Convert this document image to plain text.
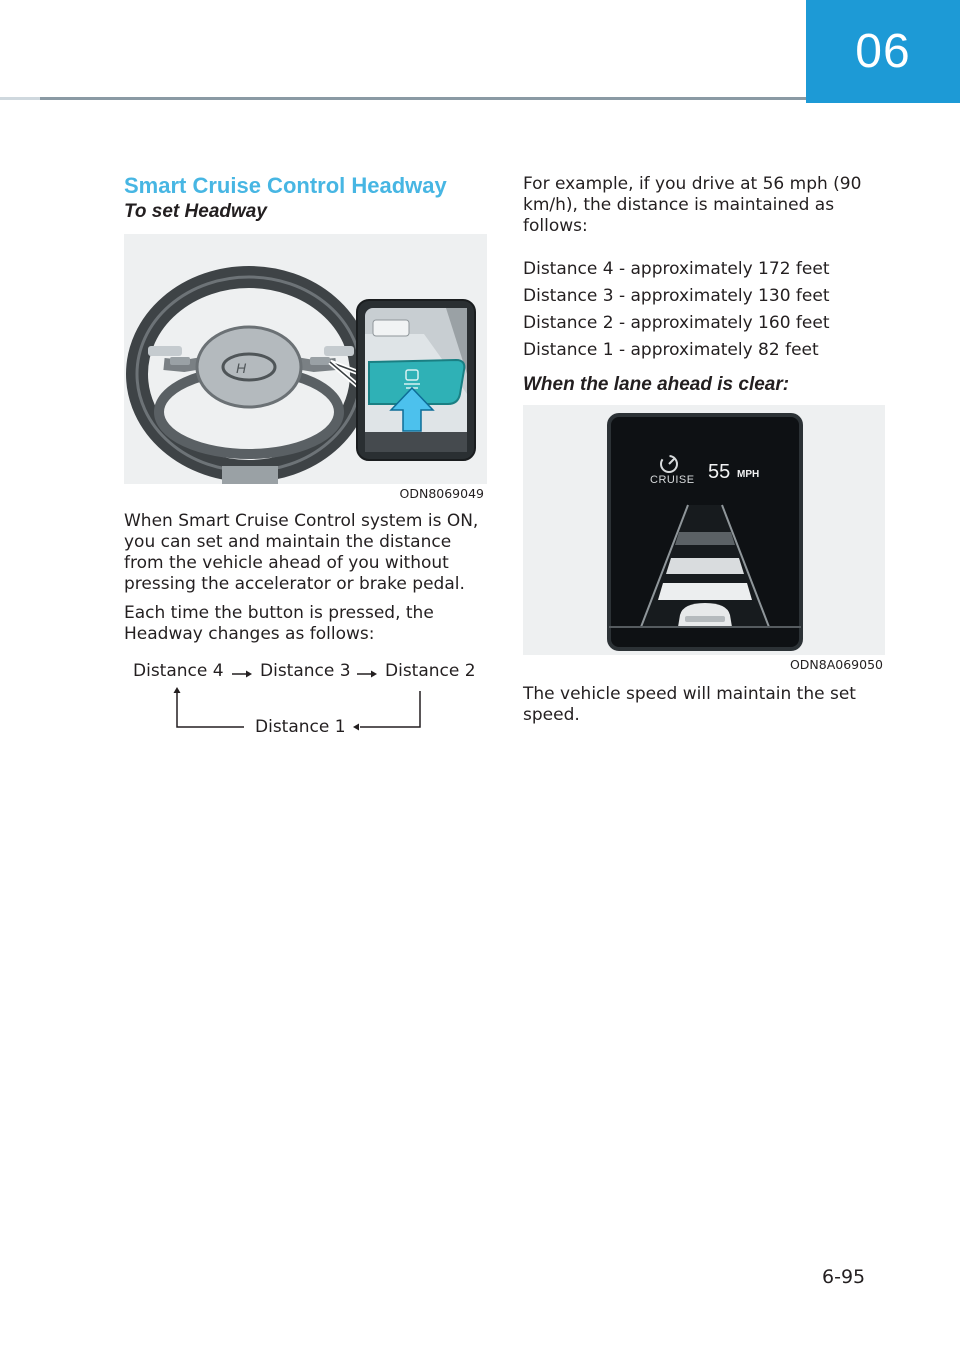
06
Smart Cruise Control Headway
To set Headway
H
ODN8069049

When Smart Cruise Control system is ON, you can set and maintain the distance from the vehicle ahead of you without pressing the accelerator or brake pedal.

Each time the button is pressed, the Headway changes as follows:

Distance 4 Distance 3 Distance 2
Distance 1

For example, if you drive at 56 mph (90 km/h), the distance is maintained as follows:

Distance 4 - approximately 172 feet

Distance 3 - approximately 130 feet

Distance 2 - approximately 160 feet

Distance 1 - approximately 82 feet

When the lane ahead is clear:
CRUISE 55 MPH
ODN8A069050

The vehicle speed will maintain the set speed.

6-95
